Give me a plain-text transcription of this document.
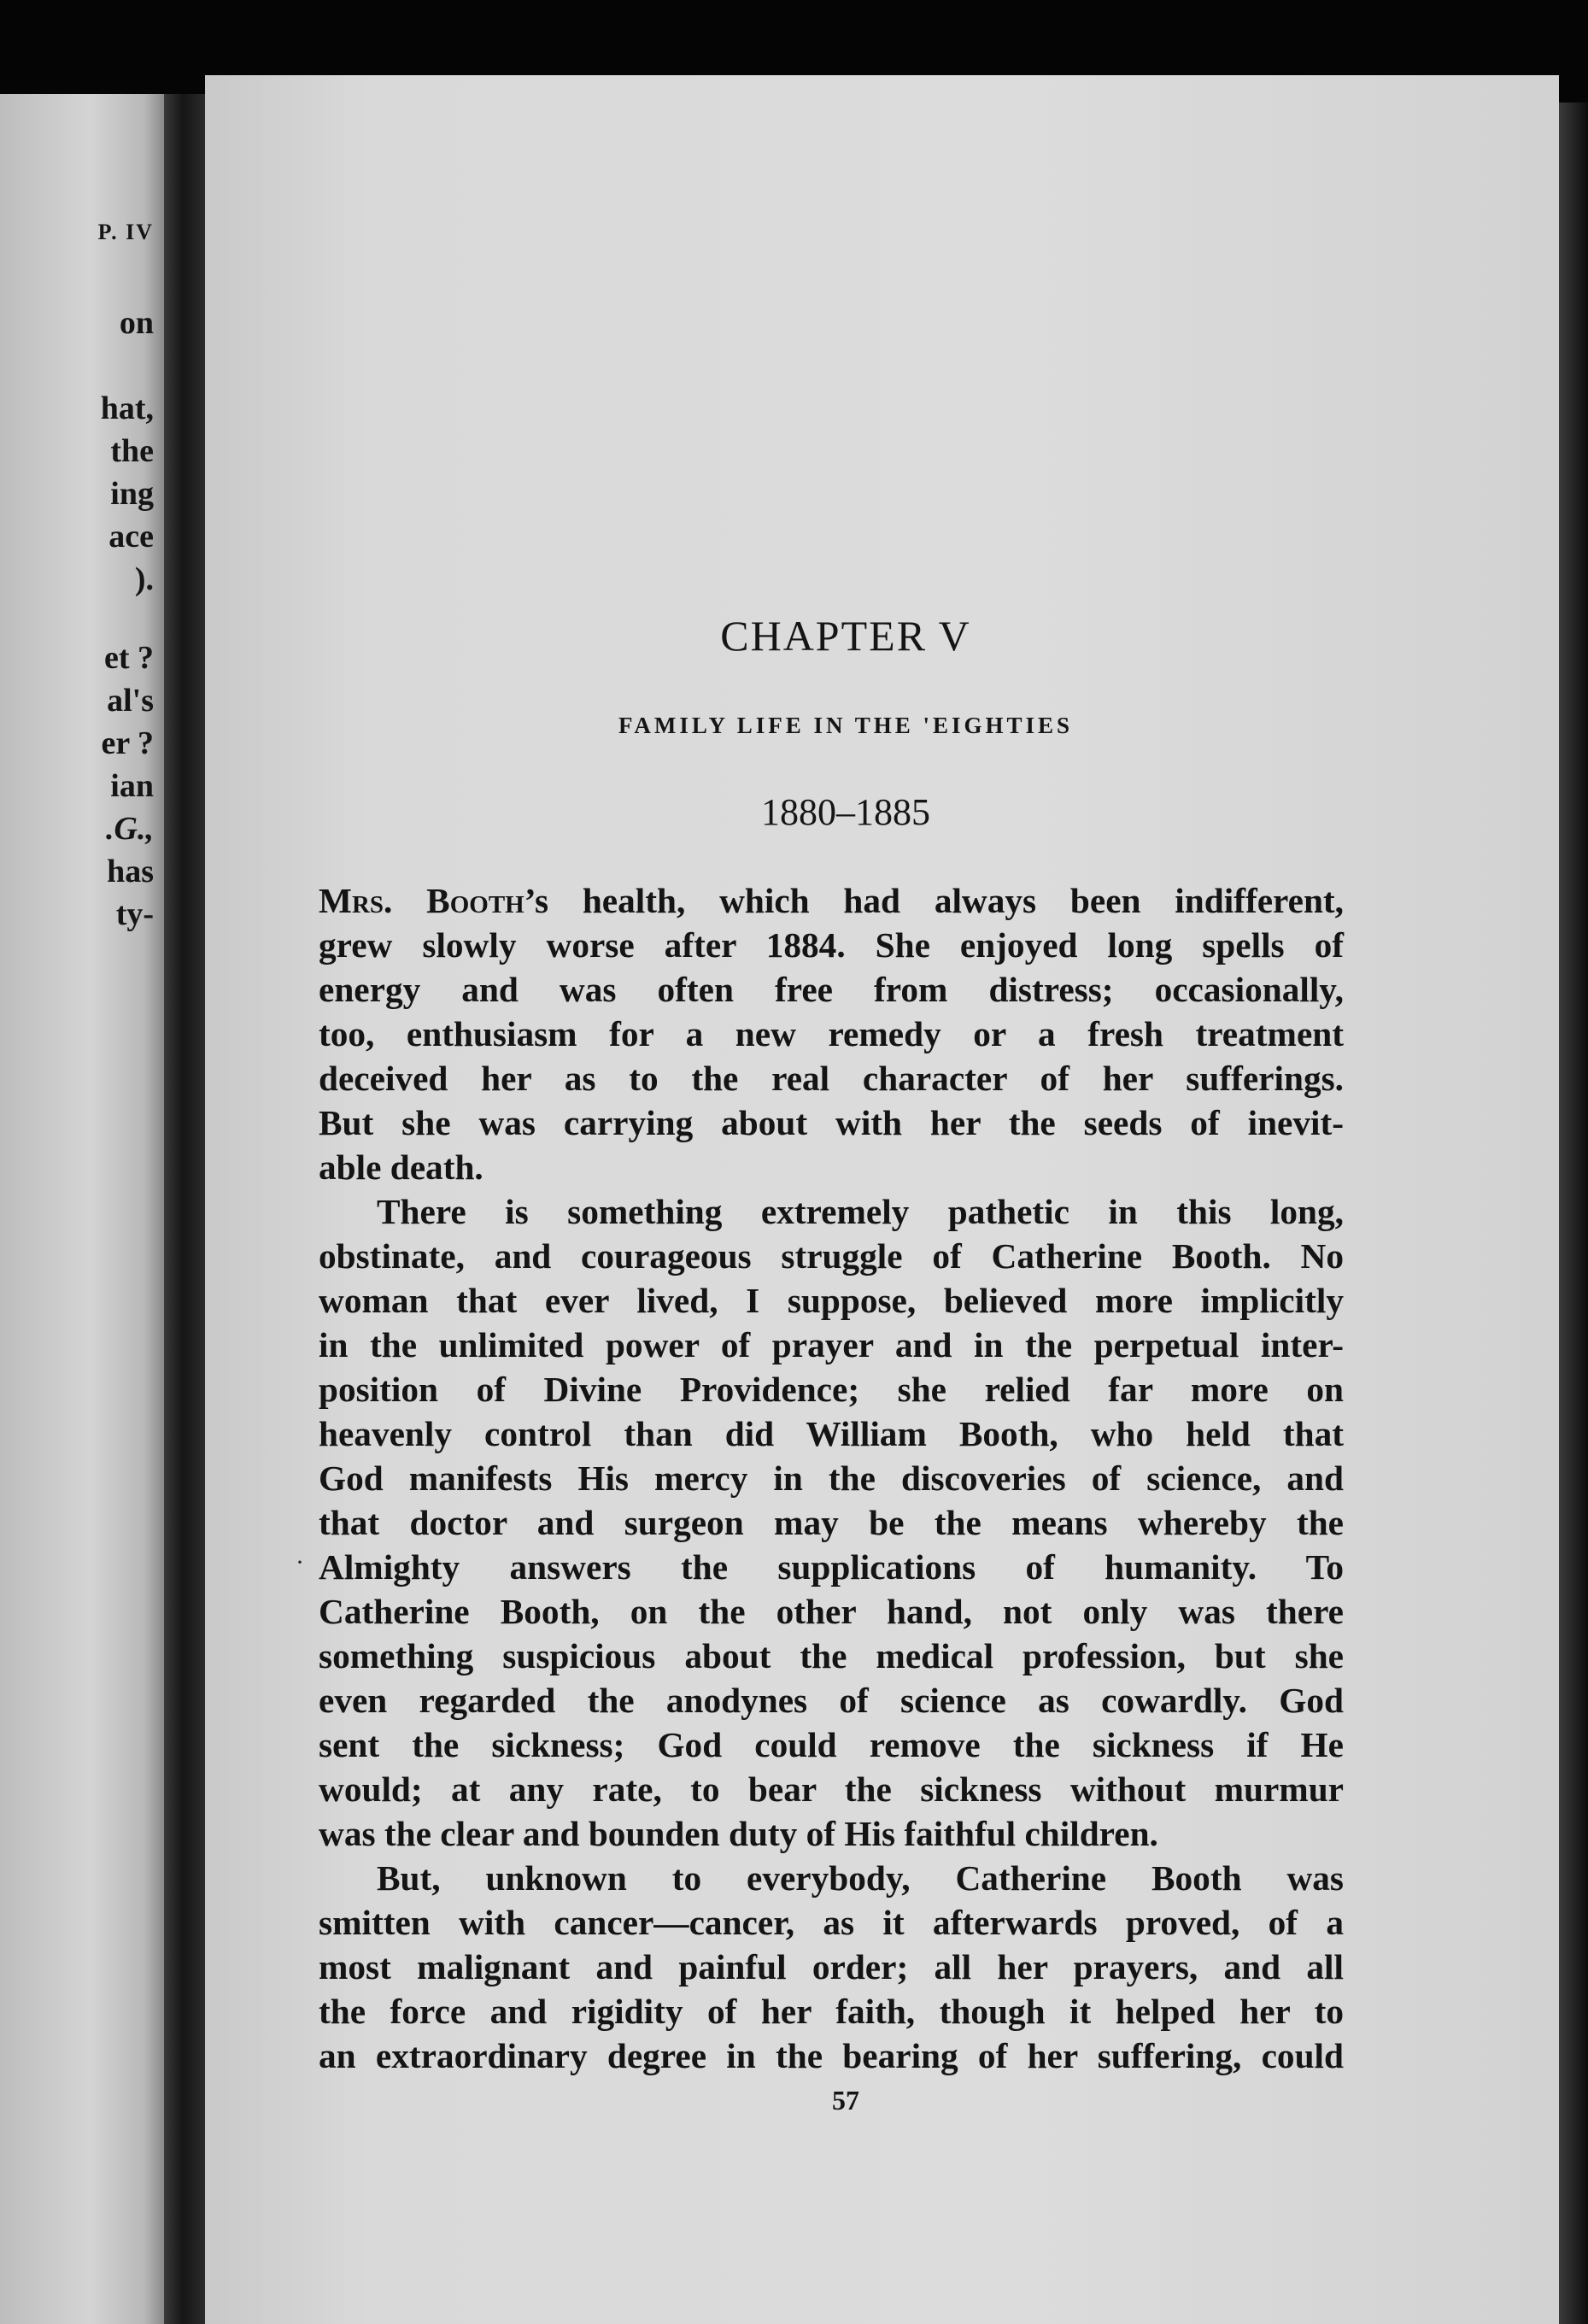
P. IV
on
hat,
the
ing
ace
).
et ?
al's
er ?
ian
.G.,
has
ty-
CHAPTER V
FAMILY LIFE IN THE 'EIGHTIES
1880–1885
·
Mrs. Booth’s health, which had always been indifferent,
grew slowly worse after 1884. She enjoyed long spells of
energy and was often free from distress; occasionally,
too, enthusiasm for a new remedy or a fresh treatment
deceived her as to the real character of her sufferings.
But she was carrying about with her the seeds of inevit-
able death.
There is something extremely pathetic in this long,
obstinate, and courageous struggle of Catherine Booth. No
woman that ever lived, I suppose, believed more implicitly
in the unlimited power of prayer and in the perpetual inter-
position of Divine Providence; she relied far more on
heavenly control than did William Booth, who held that
God manifests His mercy in the discoveries of science, and
that doctor and surgeon may be the means whereby the
Almighty answers the supplications of humanity. To
Catherine Booth, on the other hand, not only was there
something suspicious about the medical profession, but she
even regarded the anodynes of science as cowardly. God
sent the sickness; God could remove the sickness if He
would; at any rate, to bear the sickness without murmur
was the clear and bounden duty of His faithful children.
But, unknown to everybody, Catherine Booth was
smitten with cancer—cancer, as it afterwards proved, of a
most malignant and painful order; all her prayers, and all
the force and rigidity of her faith, though it helped her to
an extraordinary degree in the bearing of her suffering, could
57
